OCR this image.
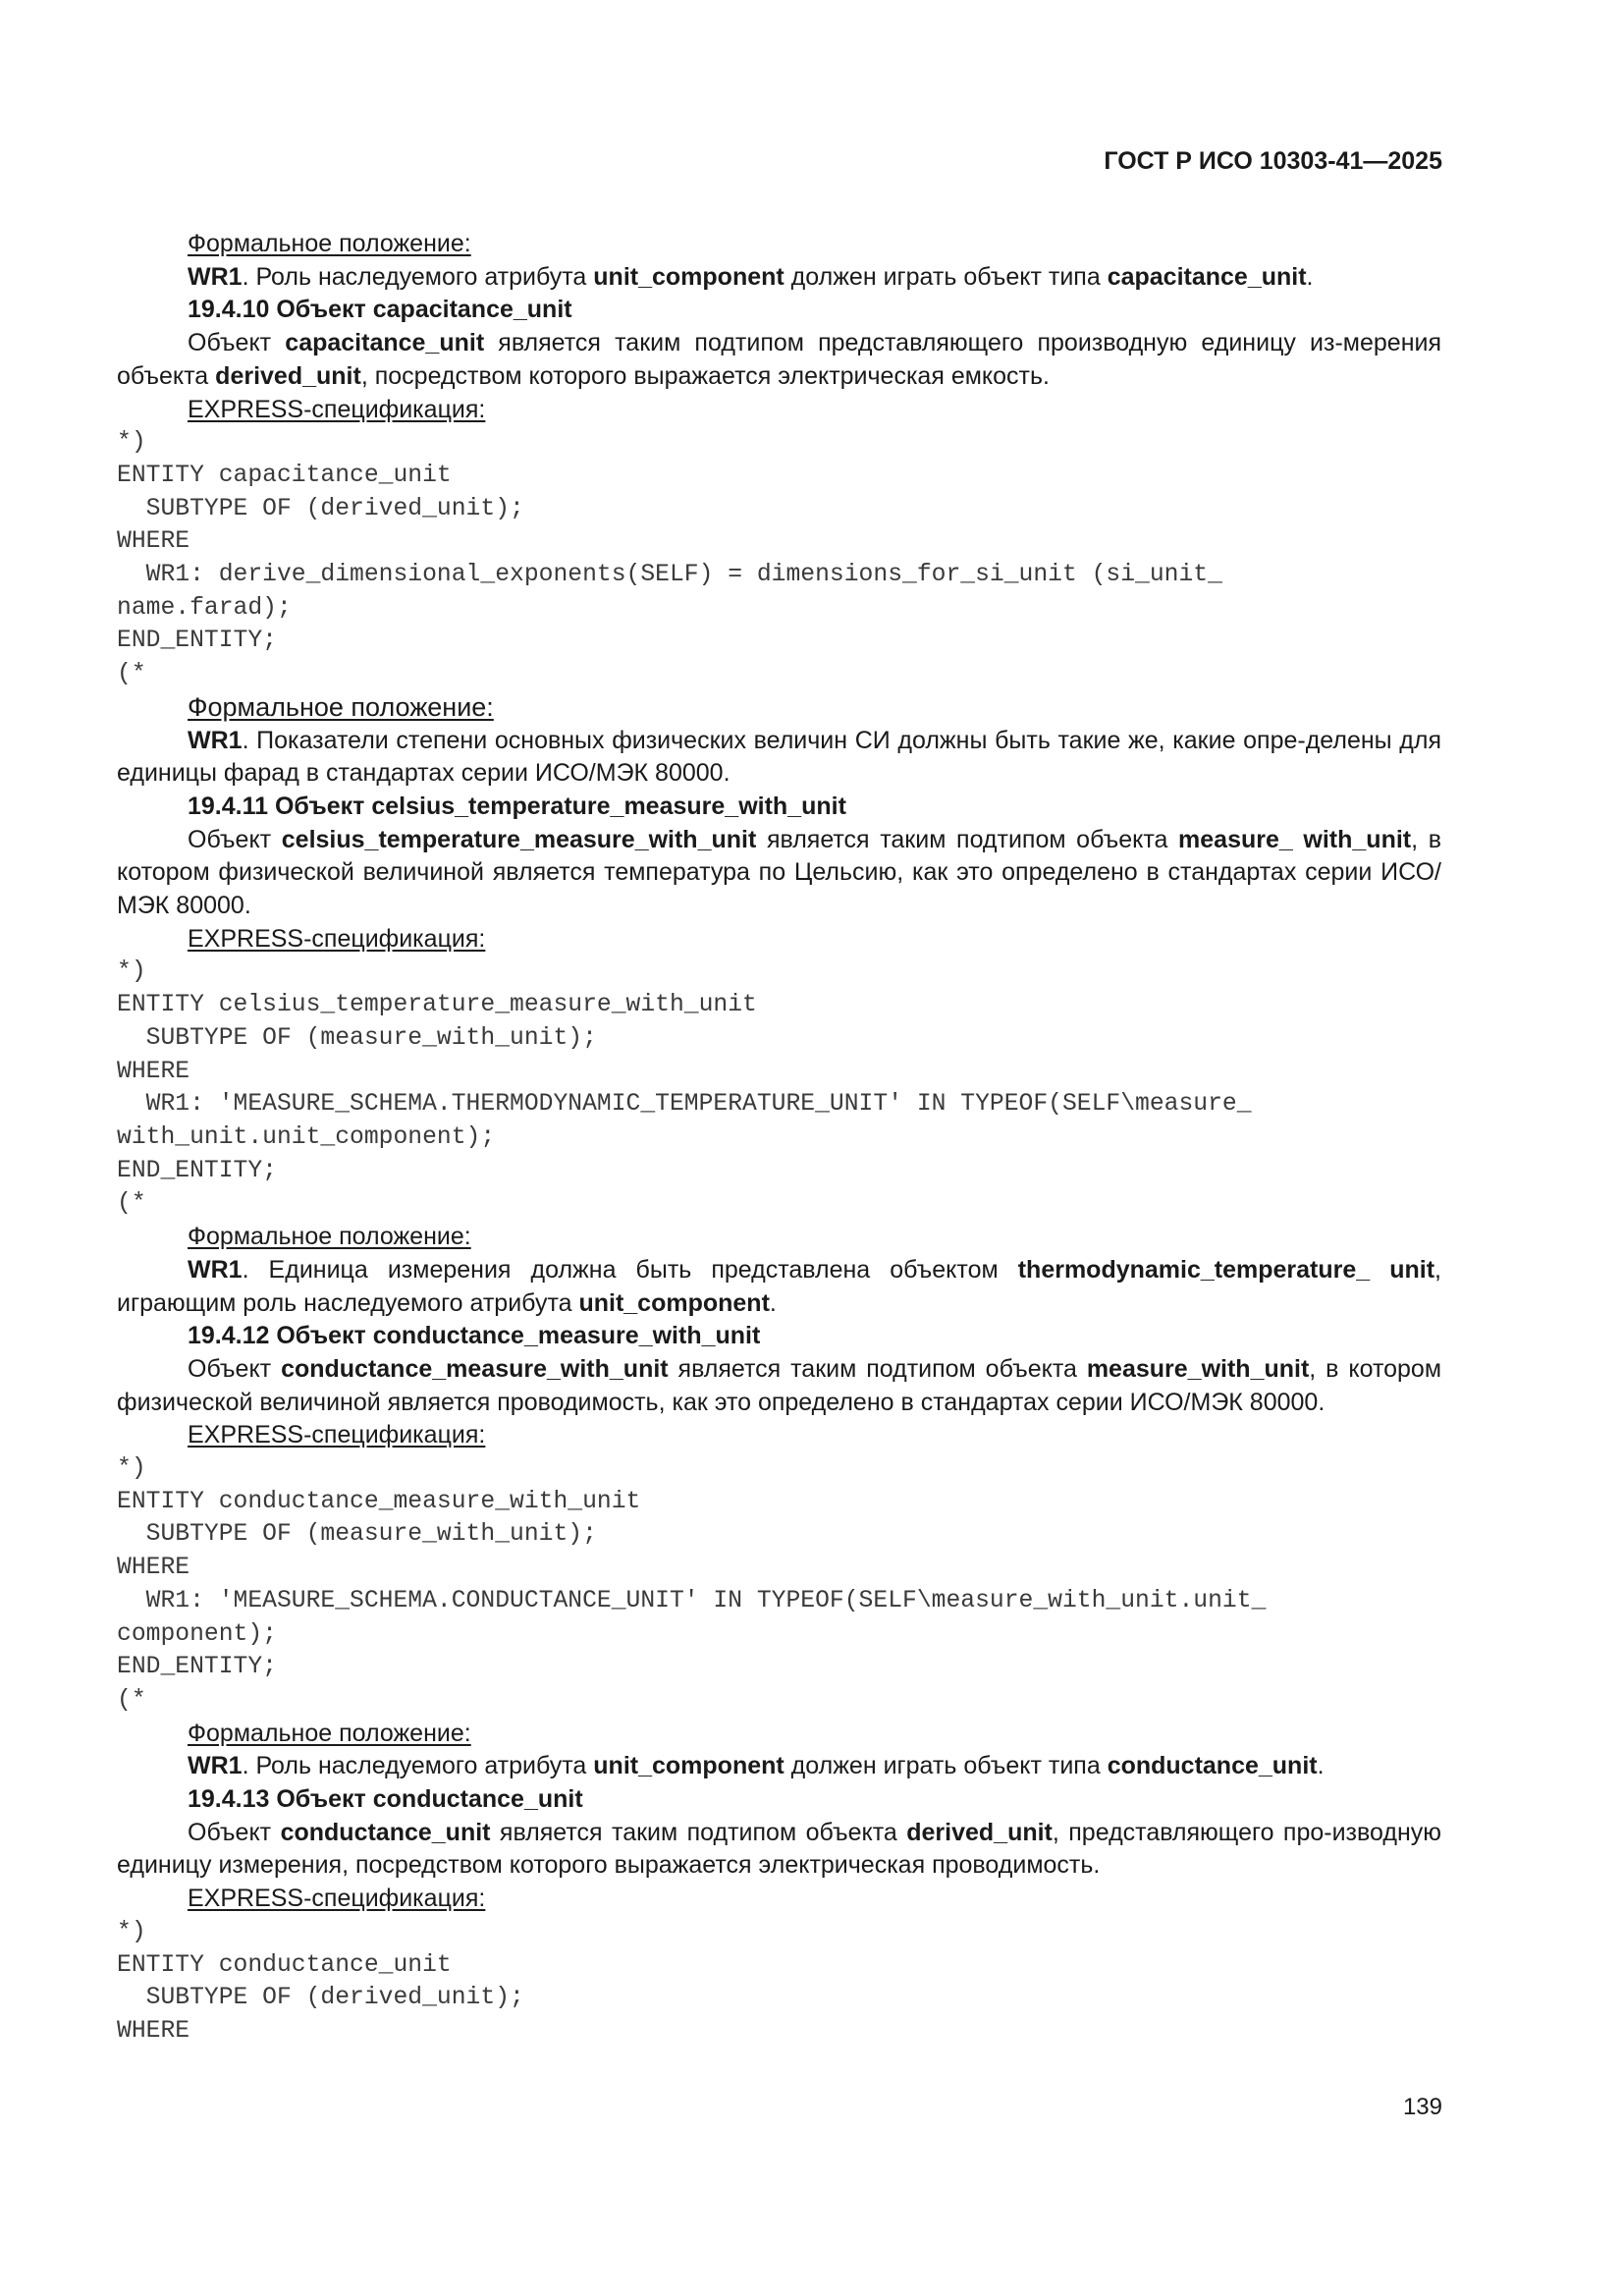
ГОСТ Р ИСО 10303-41—2025

Формальное положение:

WR1. Роль наследуемого атрибута unit_component должен играть объект типа capacitance_unit.

19.4.10 Объект capacitance_unit

Объект capacitance_unit является таким подтипом представляющего производную единицу из-мерения объекта derived_unit, посредством которого выражается электрическая емкость.

EXPRESS-спецификация:

*)
ENTITY capacitance_unit
SUBTYPE OF (derived_unit);
WHERE
WR1: derive_dimensional_exponents(SELF) = dimensions_for_si_unit (si_unit_
name.farad);
END_ENTITY;
(*

Формальное положение:

WR1. Показатели степени основных физических величин СИ должны быть такие же, какие опре-делены для единицы фарад в стандартах серии ИСО/МЭК 80000.

19.4.11 Объект celsius_temperature_measure_with_unit

Объект celsius_temperature_measure_with_unit является таким подтипом объекта measure_ with_unit, в котором физической величиной является температура по Цельсию, как это определено в стандартах серии ИСО/МЭК 80000.

EXPRESS-спецификация:

*)
ENTITY celsius_temperature_measure_with_unit
SUBTYPE OF (measure_with_unit);
WHERE
WR1: 'MEASURE_SCHEMA.THERMODYNAMIC_TEMPERATURE_UNIT' IN TYPEOF(SELF\measure_
with_unit.unit_component);
END_ENTITY;
(*

Формальное положение:

WR1. Единица измерения должна быть представлена объектом thermodynamic_temperature_ unit, играющим роль наследуемого атрибута unit_component.

19.4.12 Объект conductance_measure_with_unit

Объект conductance_measure_with_unit является таким подтипом объекта measure_with_unit, в котором физической величиной является проводимость, как это определено в стандартах серии ИСО/МЭК 80000.

EXPRESS-спецификация:

*)
ENTITY conductance_measure_with_unit
SUBTYPE OF (measure_with_unit);
WHERE
WR1: 'MEASURE_SCHEMA.CONDUCTANCE_UNIT' IN TYPEOF(SELF\measure_with_unit.unit_
component);
END_ENTITY;
(*

Формальное положение:

WR1. Роль наследуемого атрибута unit_component должен играть объект типа conductance_unit.

19.4.13 Объект conductance_unit

Объект conductance_unit является таким подтипом объекта derived_unit, представляющего про-изводную единицу измерения, посредством которого выражается электрическая проводимость.

EXPRESS-спецификация:

*)
ENTITY conductance_unit
SUBTYPE OF (derived_unit);
WHERE
139
